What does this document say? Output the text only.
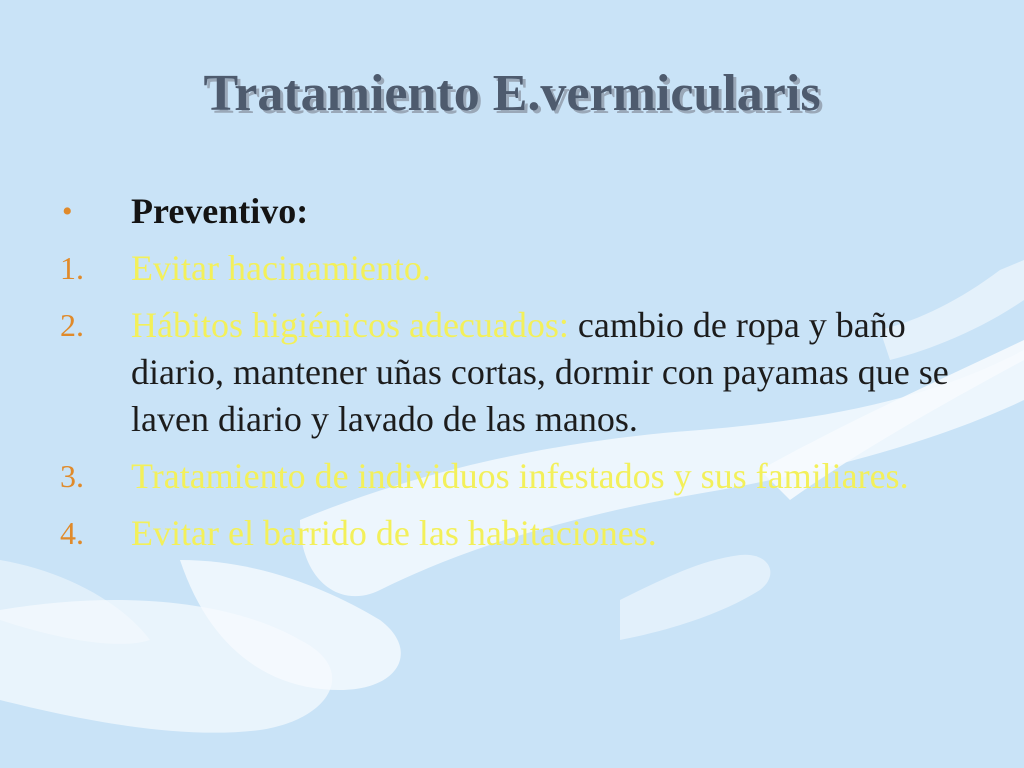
Tratamiento E.vermicularis
• Preventivo:
1. Evitar hacinamiento.
2. Hábitos higiénicos adecuados: cambio de ropa y baño diario, mantener uñas cortas, dormir con payamas que se laven diario y lavado de las manos.
3. Tratamiento de individuos infestados y sus familiares.
4. Evitar el barrido de las habitaciones.
